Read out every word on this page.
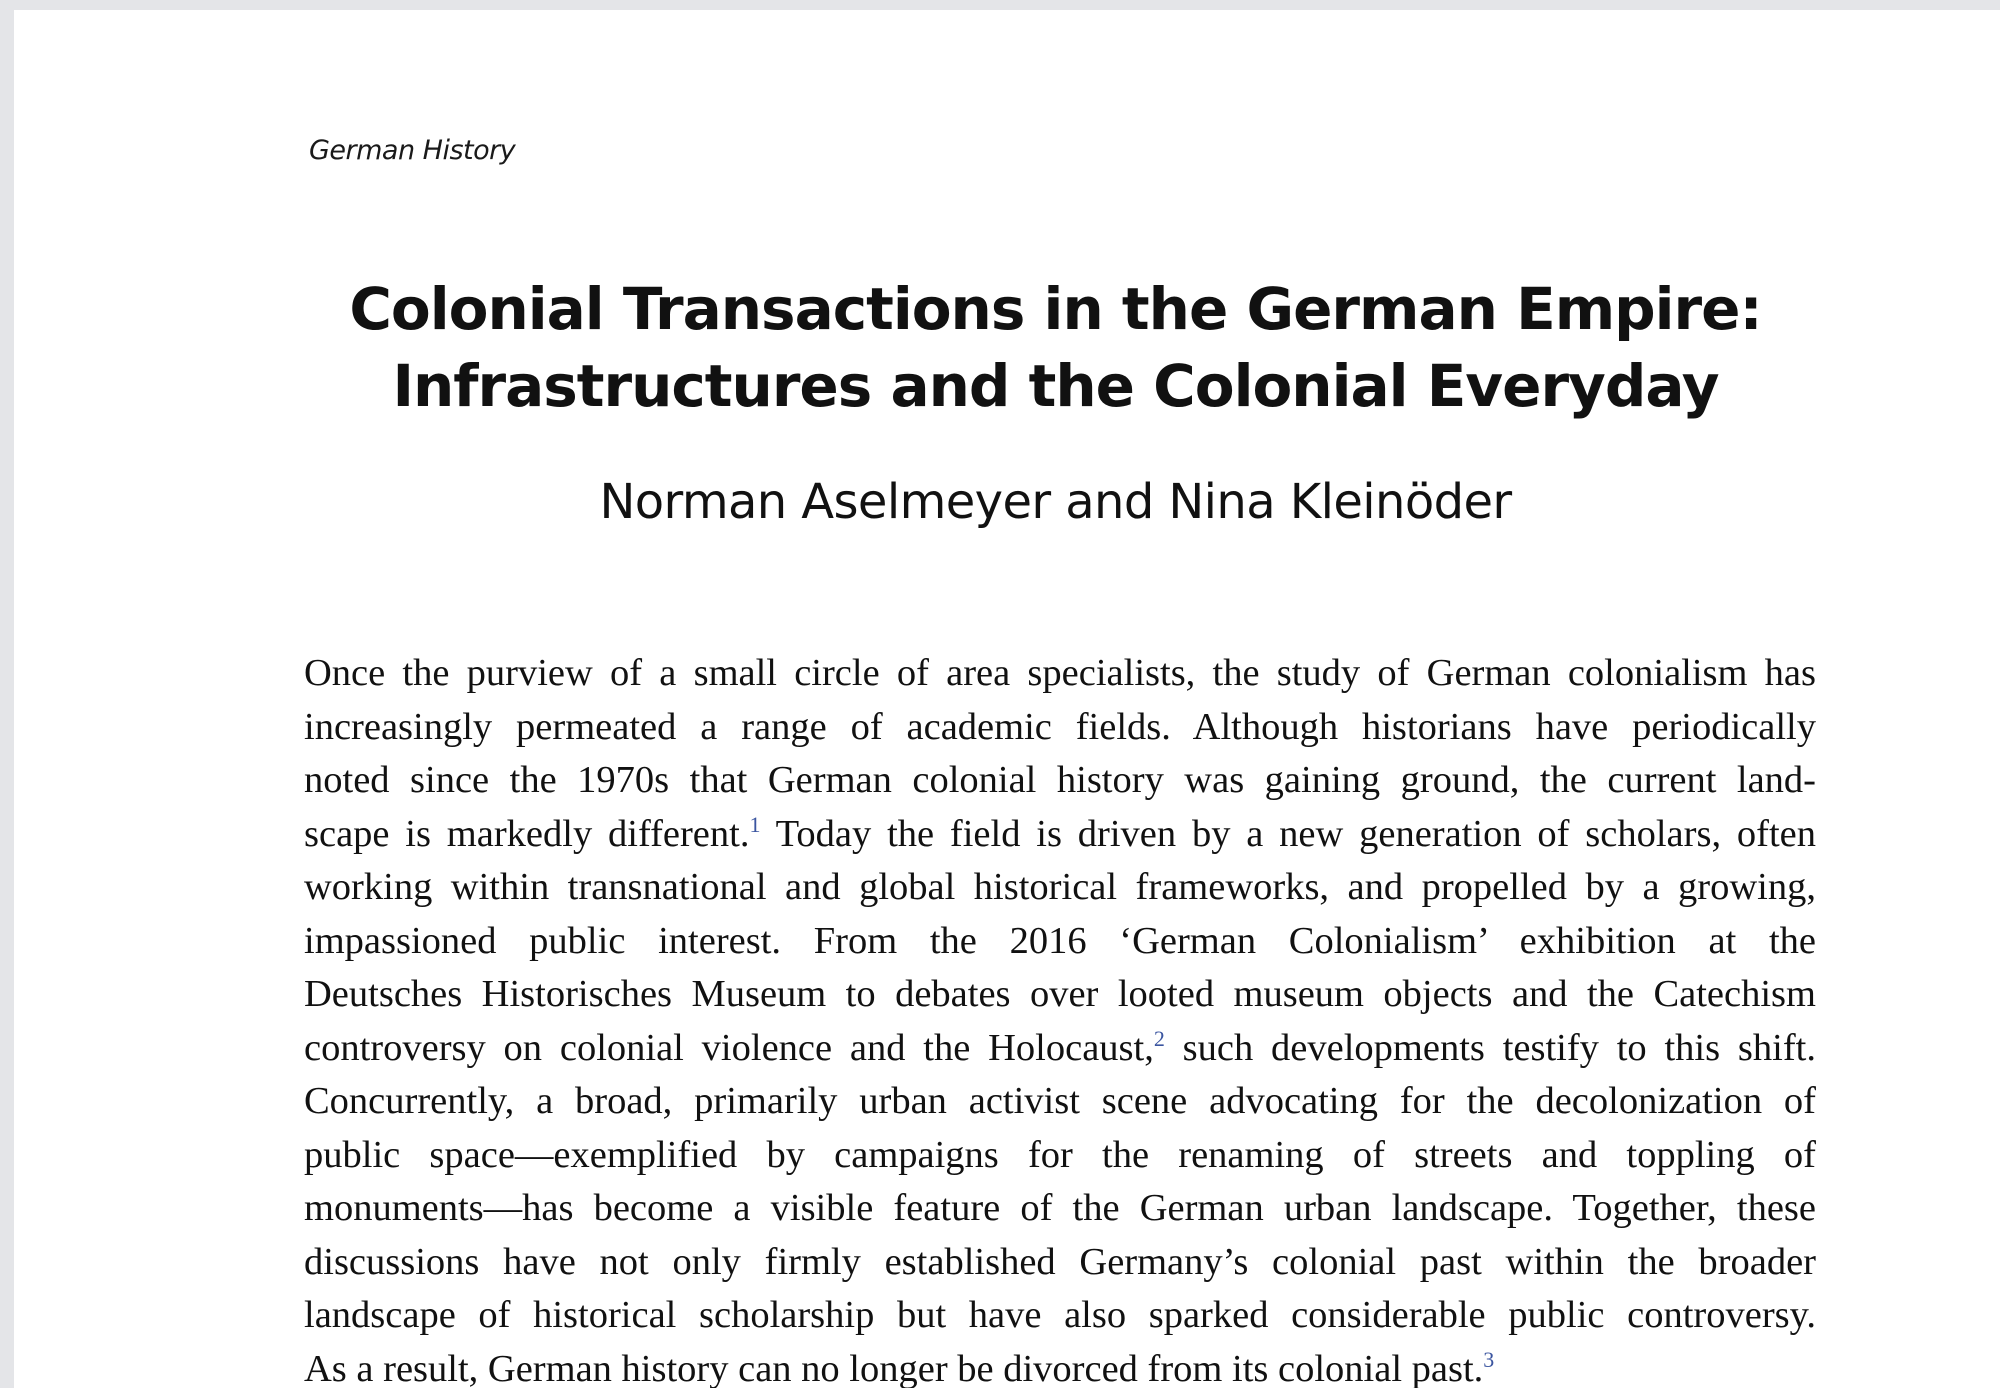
German History
Colonial Transactions in the German Empire:
Infrastructures and the Colonial Everyday
Norman Aselmeyer and Nina Kleinöder
Once the purview of a small circle of area specialists, the study of German colonialism has
increasingly permeated a range of academic fields. Although historians have periodically
noted since the 1970s that German colonial history was gaining ground, the current land-
scape is markedly different.$^1$ Today the field is driven by a new generation of scholars, often
working within transnational and global historical frameworks, and propelled by a growing,
impassioned public interest. From the 2016 ‘German Colonialism’ exhibition at the
Deutsches Historisches Museum to debates over looted museum objects and the Catechism
controversy on colonial violence and the Holocaust,$^2$ such developments testify to this shift.
Concurrently, a broad, primarily urban activist scene advocating for the decolonization of
public space—exemplified by campaigns for the renaming of streets and toppling of
monuments—has become a visible feature of the German urban landscape. Together, these
discussions have not only firmly established Germany’s colonial past within the broader
landscape of historical scholarship but have also sparked considerable public controversy.
As a result, German history can no longer be divorced from its colonial past.$^3$
